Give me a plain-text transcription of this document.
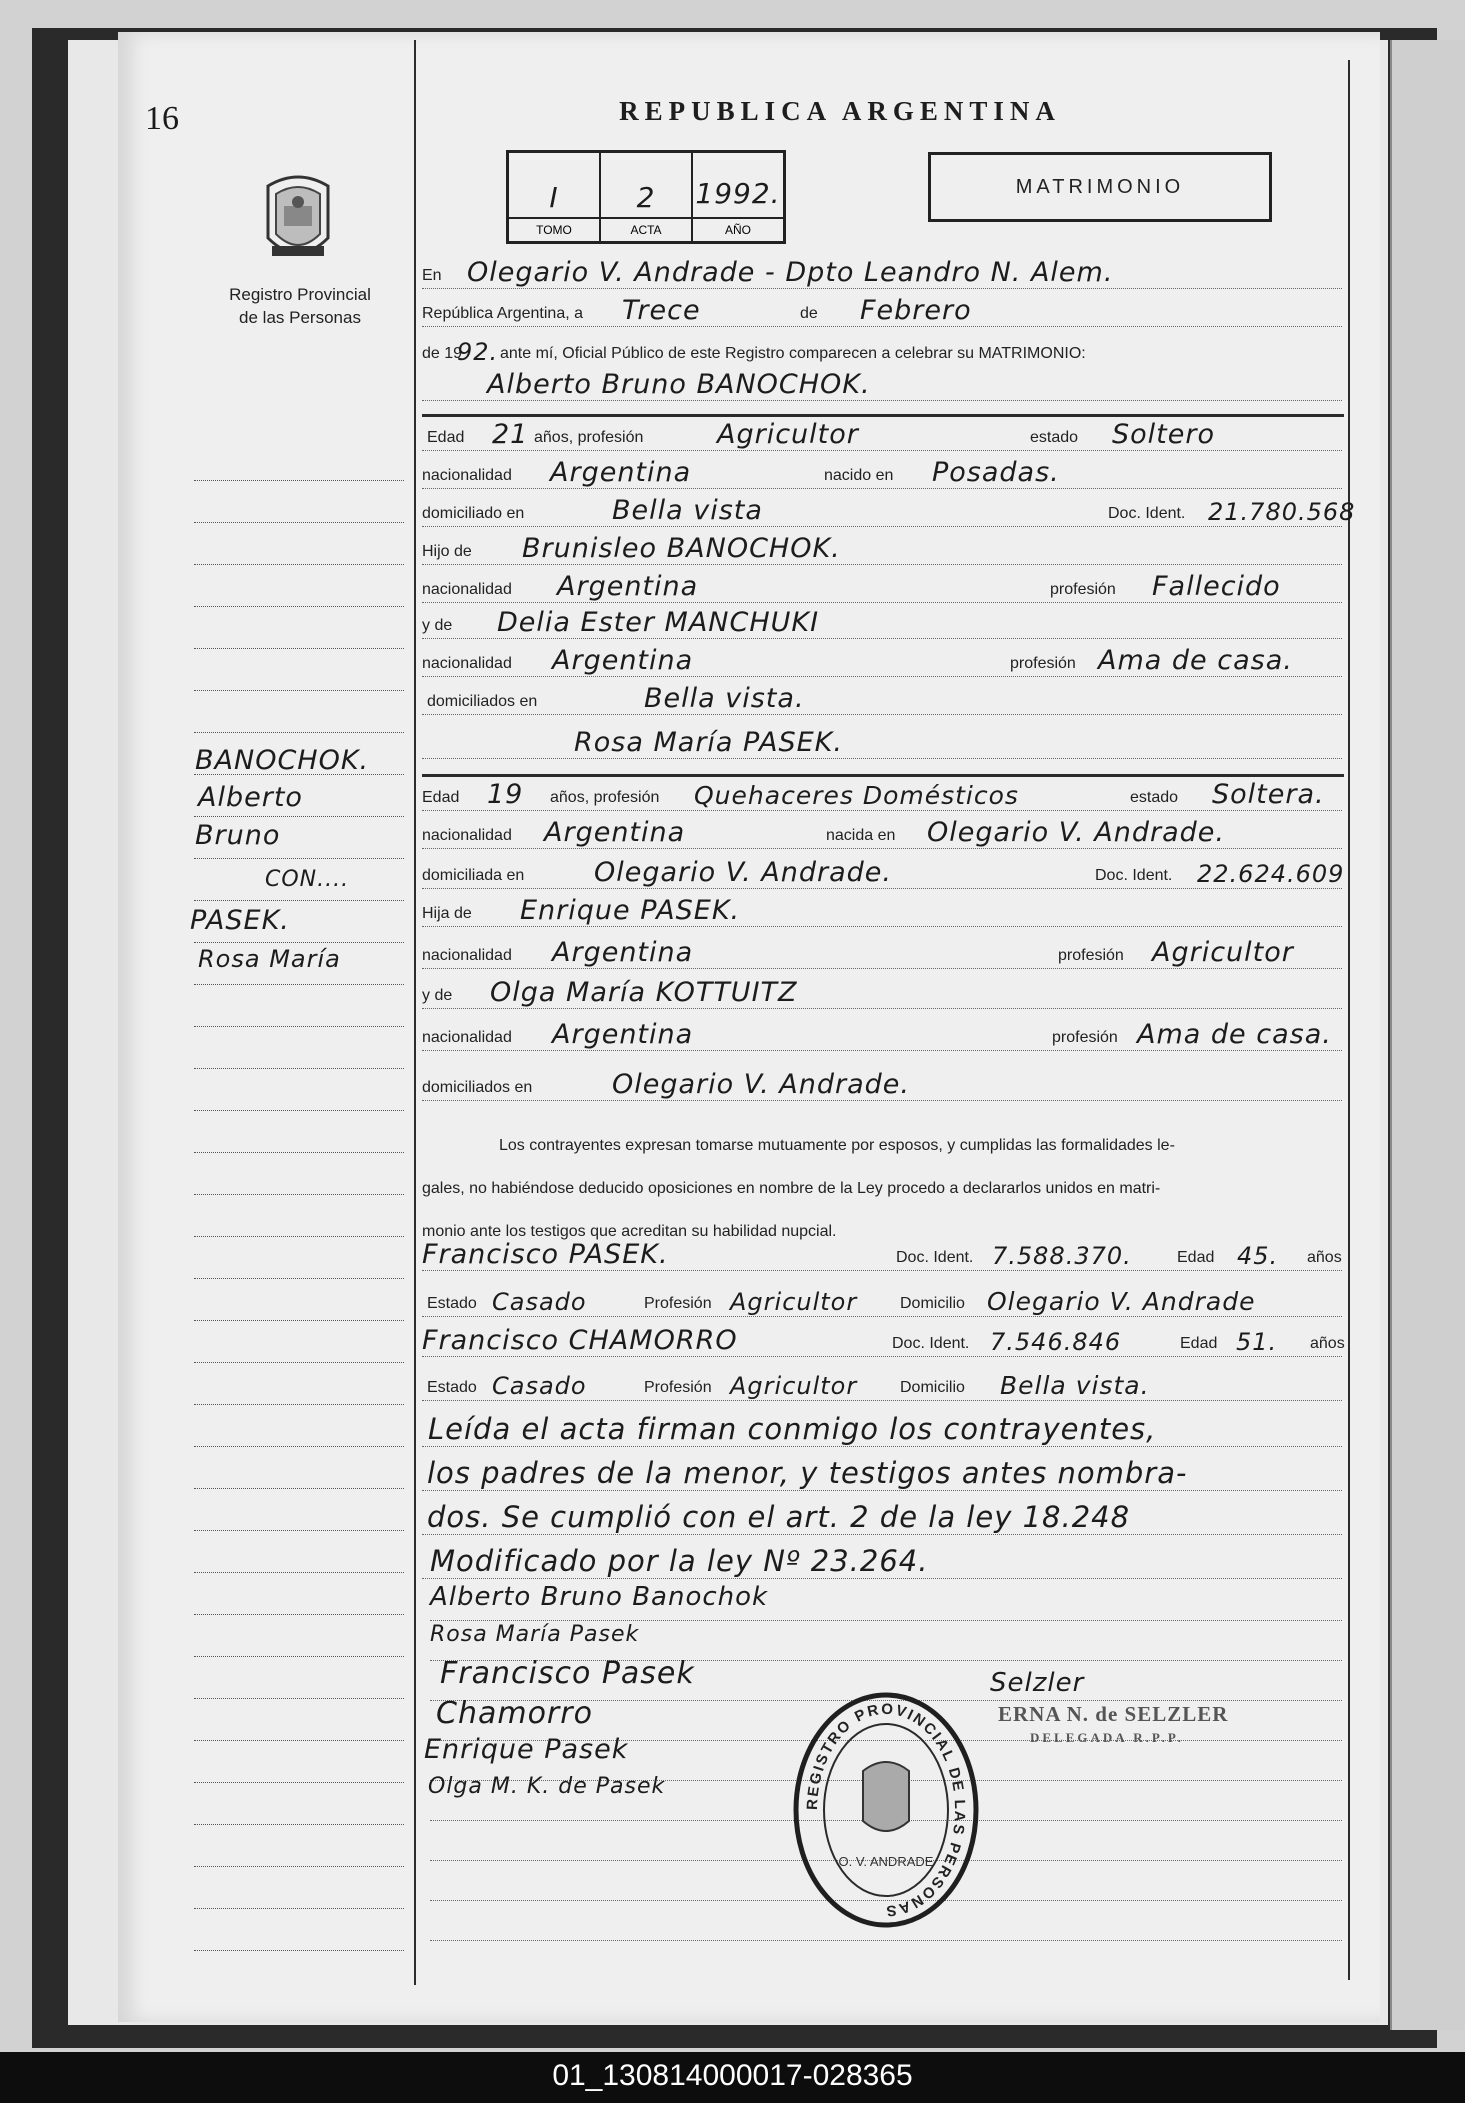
16
Registro Provincial
de las Personas
BANOCHOK.
Alberto
Bruno
CON....
PASEK.
Rosa María
REPUBLICA ARGENTINA
I
TOMO
2
ACTA
1992.
AÑO
MATRIMONIO
En Olegario V. Andrade - Dpto Leandro N. Alem.
República Argentina, a Trece	de Febrero
de 19
92. ante mí, Oficial Público de este Registro comparecen a celebrar su MATRIMONIO:
Alberto Bruno BANOCHOK.
Edad 21 años, profesión	Agricultor	estado Soltero
nacionalidad Argentina	nacido en Posadas.
domiciliado en	Bella vista	Doc. Ident. 21.780.568
Hijo de Brunisleo BANOCHOK.
nacionalidad Argentina	profesión Fallecido
y de Delia Ester MANCHUKI
nacionalidad Argentina	profesión Ama de casa.
domiciliados en	Bella vista.
Rosa María PASEK.
Edad 19 años, profesión Quehaceres Domésticos	estado Soltera.
nacionalidad Argentina	nacida en Olegario V. Andrade.
domiciliada en	Olegario V. Andrade.	Doc. Ident. 22.624.609
Hija de Enrique PASEK.
nacionalidad Argentina	profesión Agricultor
y de Olga María KOTTUITZ
nacionalidad Argentina	profesión Ama de casa.
domiciliados en	Olegario V. Andrade.
Los contrayentes expresan tomarse mutuamente por esposos, y cumplidas las formalidades le-
gales, no habiéndose deducido oposiciones en nombre de la Ley procedo a declararlos unidos en matri-
monio ante los testigos que acreditan su habilidad nupcial.
Francisco PASEK.	Doc. Ident. 7.588.370.	Edad 45. años
Estado Casado	Profesión Agricultor	Domicilio Olegario V. Andrade
Francisco CHAMORRO	Doc. Ident. 7.546.846	Edad 51. años
Estado Casado	Profesión Agricultor	Domicilio Bella vista.
Leída el acta firman conmigo los contrayentes,
los padres de la menor, y testigos antes nombra-
dos. Se cumplió con el art. 2 de la ley 18.248
Modificado por la ley Nº 23.264.
Alberto Bruno Banochok
Rosa María Pasek
Francisco Pasek
Chamorro
Enrique Pasek
Olga M. K. de Pasek
Selzler
ERNA N. de SELZLER
DELEGADA R.P.P.
REGISTRO PROVINCIAL DE LAS PERSONAS
O. V. ANDRADE
01_130814000017-028365
